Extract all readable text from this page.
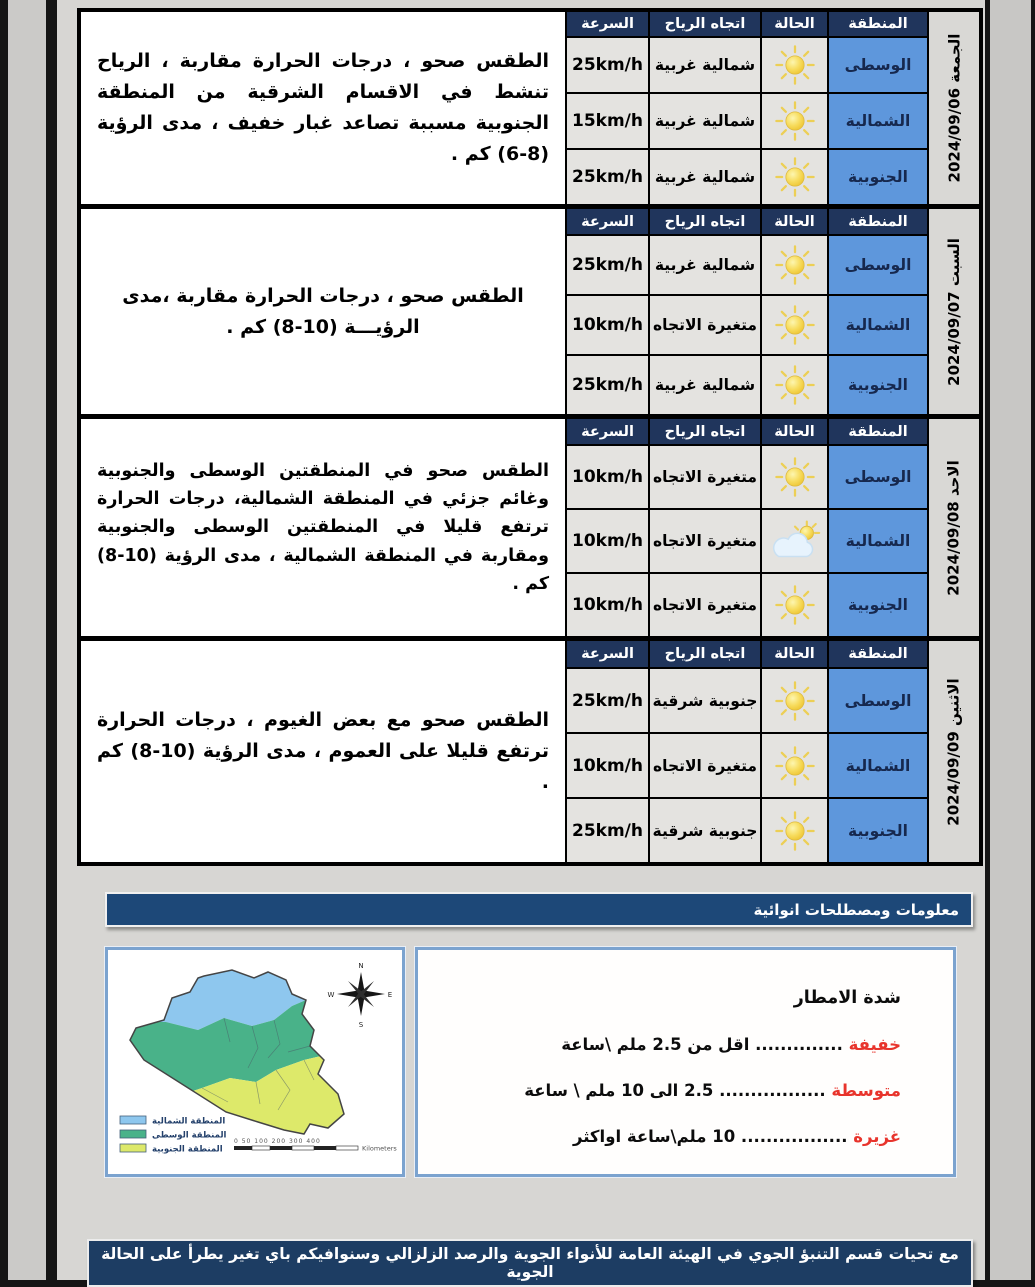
الجمعة 2024/09/06

الطقس صحو ، درجات الحرارة مقاربة ، الرياح تنشط في الاقسام الشرقية من المنطقة الجنوبية مسببة تصاعد غبار خفيف ، مدى الرؤية (8-6) كم .

المنطقة
الحالة
اتجاه الرياح
السرعة
الوسطى
شمالية غربية
25km/h
الشمالية
شمالية غربية
15km/h
الجنوبية
شمالية غربية
25km/h
السبت 2024/09/07

الطقس صحو ، درجات الحرارة مقاربة ،مدى الرؤيـــة (10-8) كم .

المنطقة
الحالة
اتجاه الرياح
السرعة
الوسطى
شمالية غربية
25km/h
الشمالية
متغيرة الاتجاه
10km/h
الجنوبية
شمالية غربية
25km/h
الاحد 2024/09/08

الطقس صحو في المنطقتين الوسطى والجنوبية وغائم جزئي في المنطقة الشمالية، درجات الحرارة ترتفع قليلا في المنطقتين الوسطى والجنوبية ومقاربة في المنطقة الشمالية ، مدى الرؤية (10-8) كم .

المنطقة
الحالة
اتجاه الرياح
السرعة
الوسطى
متغيرة الاتجاه
10km/h
الشمالية
متغيرة الاتجاه
10km/h
الجنوبية
متغيرة الاتجاه
10km/h
الاثنين 2024/09/09

الطقس صحو مع بعض الغيوم ، درجات الحرارة ترتفع قليلا على العموم ، مدى الرؤية (10-8) كم .

المنطقة
الحالة
اتجاه الرياح
السرعة
الوسطى
جنوبية شرقية
25km/h
الشمالية
متغيرة الاتجاه
10km/h
الجنوبية
جنوبية شرقية
25km/h
معلومات ومصطلحات انوائية
N
E
S
W
المنطقة الشمالية
المنطقة الوسطى
المنطقة الجنوبية
0 50 100 200 300 400
Kilometers
شدة الامطار
خفيفة .............. اقل من 2.5 ملم \ساعة
متوسطة ................. 2.5 الى 10 ملم \ ساعة
غزيرة ................. 10 ملم\ساعة اواكثر
مع تحيات قسم التنبؤ الجوي في الهيئة العامة للأنواء الجوية والرصد الزلزالي وسنوافيكم باي تغير يطرأ على الحالة الجوية
